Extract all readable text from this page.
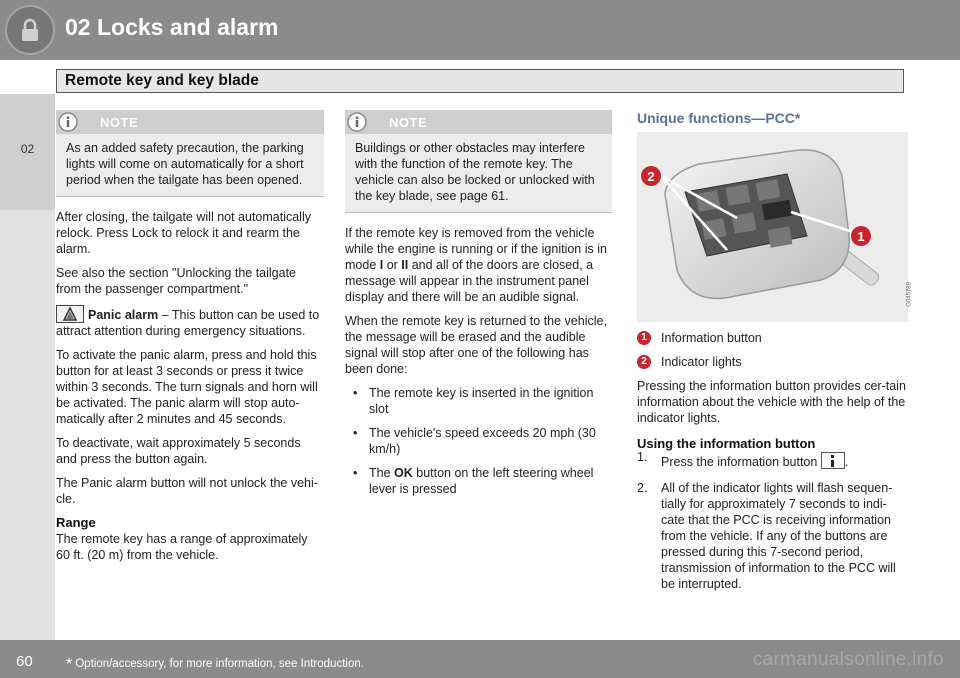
02 Locks and alarm
Remote key and key blade
02
NOTE
As an added safety precaution, the parking lights will come on automatically for a short period when the tailgate has been opened.

After closing, the tailgate will not automatically relock. Press Lock to relock it and rearm the alarm.

See also the section "Unlocking the tailgate from the passenger compartment."

Panic alarm – This button can be used to attract attention during emergency situations.

To activate the panic alarm, press and hold this button for at least 3 seconds or press it twice within 3 seconds. The turn signals and horn will be activated. The panic alarm will stop auto-matically after 2 minutes and 45 seconds.

To deactivate, wait approximately 5 seconds and press the button again.

The Panic alarm button will not unlock the vehi-cle.

Range

The remote key has a range of approximately 60 ft. (20 m) from the vehicle.

NOTE
Buildings or other obstacles may interfere with the function of the remote key. The vehicle can also be locked or unlocked with the key blade, see page 61.

If the remote key is removed from the vehicle while the engine is running or if the ignition is in mode I or II and all of the doors are closed, a message will appear in the instrument panel display and there will be an audible signal.

When the remote key is returned to the vehicle, the message will be erased and the audible signal will stop after one of the following has been done:

• The remote key is inserted in the ignition slot
• The vehicle's speed exceeds 20 mph (30 km/h)
• The OK button on the left steering wheel lever is pressed
Unique functions—PCC*
2
1
G045789
1	Information button
2	Indicator lights

Pressing the information button provides cer-tain information about the vehicle with the help of the indicator lights.

Using the information button
1. Press the information button .
2. All of the indicator lights will flash sequen-tially for approximately 7 seconds to indi-cate that the PCC is receiving information from the vehicle. If any of the buttons are pressed during this 7-second period, transmission of information to the PCC will be interrupted.
60 * Option/accessory, for more information, see Introduction.	carmanualsonline.info
